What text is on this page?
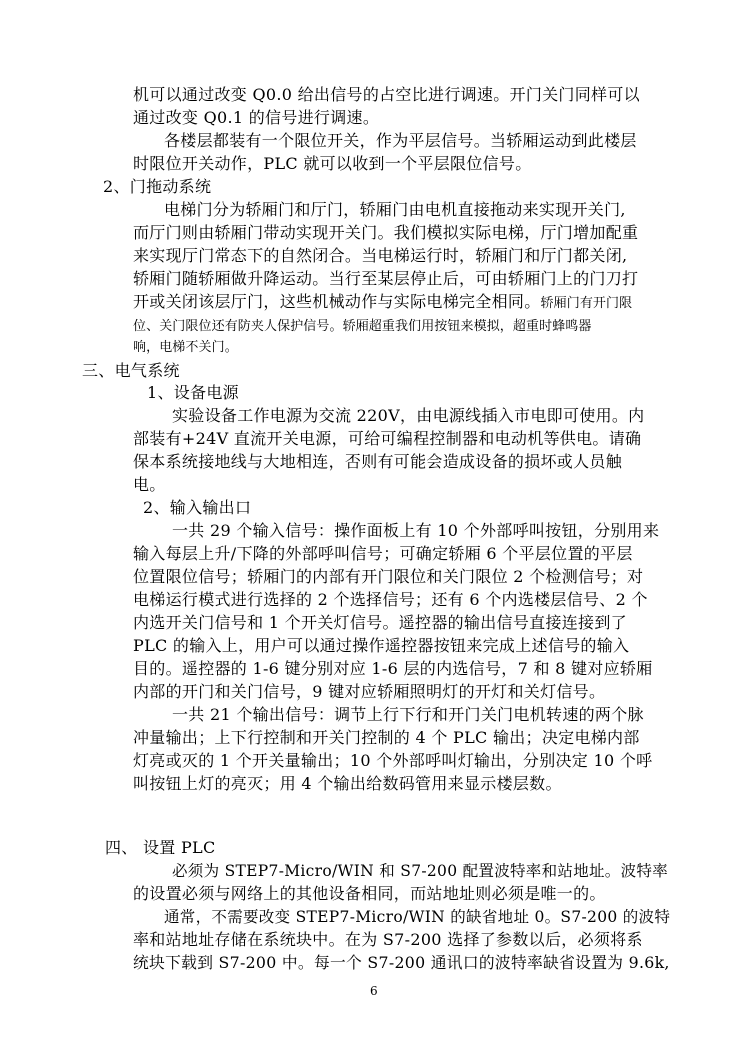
机可以通过改变 Q0.0 给出信号的占空比进行调速。开门关门同样可以
通过改变 Q0.1 的信号进行调速。
各楼层都装有一个限位开关，作为平层信号。当轿厢运动到此楼层
时限位开关动作，PLC 就可以收到一个平层限位信号。
2、门拖动系统
电梯门分为轿厢门和厅门，轿厢门由电机直接拖动来实现开关门,
而厅门则由轿厢门带动实现开关门。我们模拟实际电梯，厅门增加配重
来实现厅门常态下的自然闭合。当电梯运行时，轿厢门和厅门都关闭,
轿厢门随轿厢做升降运动。当行至某层停止后，可由轿厢门上的门刀打
开或关闭该层厅门，这些机械动作与实际电梯完全相同。轿厢门有开门限
位、关门限位还有防夹人保护信号。轿厢超重我们用按钮来模拟，超重时蜂鸣器
响，电梯不关门。
三、电气系统
1、设备电源
实验设备工作电源为交流 220V，由电源线插入市电即可使用。内
部装有+24V 直流开关电源，可给可编程控制器和电动机等供电。请确
保本系统接地线与大地相连，否则有可能会造成设备的损坏或人员触
电。
2、输入输出口
一共 29 个输入信号：操作面板上有 10 个外部呼叫按钮，分别用来
输入每层上升/下降的外部呼叫信号；可确定轿厢 6 个平层位置的平层
位置限位信号；轿厢门的内部有开门限位和关门限位 2 个检测信号；对
电梯运行模式进行选择的 2 个选择信号；还有 6 个内选楼层信号、2 个
内选开关门信号和 1 个开关灯信号。遥控器的输出信号直接连接到了
PLC 的输入上，用户可以通过操作遥控器按钮来完成上述信号的输入
目的。遥控器的 1-6 键分别对应 1-6 层的内选信号，7 和 8 键对应轿厢
内部的开门和关门信号，9 键对应轿厢照明灯的开灯和关灯信号。
一共 21 个输出信号：调节上行下行和开门关门电机转速的两个脉
冲量输出；上下行控制和开关门控制的 4 个 PLC 输出；决定电梯内部
灯亮或灭的 1 个开关量输出；10 个外部呼叫灯输出，分别决定 10 个呼
叫按钮上灯的亮灭；用 4 个输出给数码管用来显示楼层数。
四、 设置 PLC
必须为 STEP7-Micro/WIN 和 S7-200 配置波特率和站地址。波特率
的设置必须与网络上的其他设备相同，而站地址则必须是唯一的。
通常，不需要改变 STEP7-Micro/WIN 的缺省地址 0。S7-200 的波特
率和站地址存储在系统块中。在为 S7-200 选择了参数以后，必须将系
统块下载到 S7-200 中。每一个 S7-200 通讯口的波特率缺省设置为 9.6k,
6
